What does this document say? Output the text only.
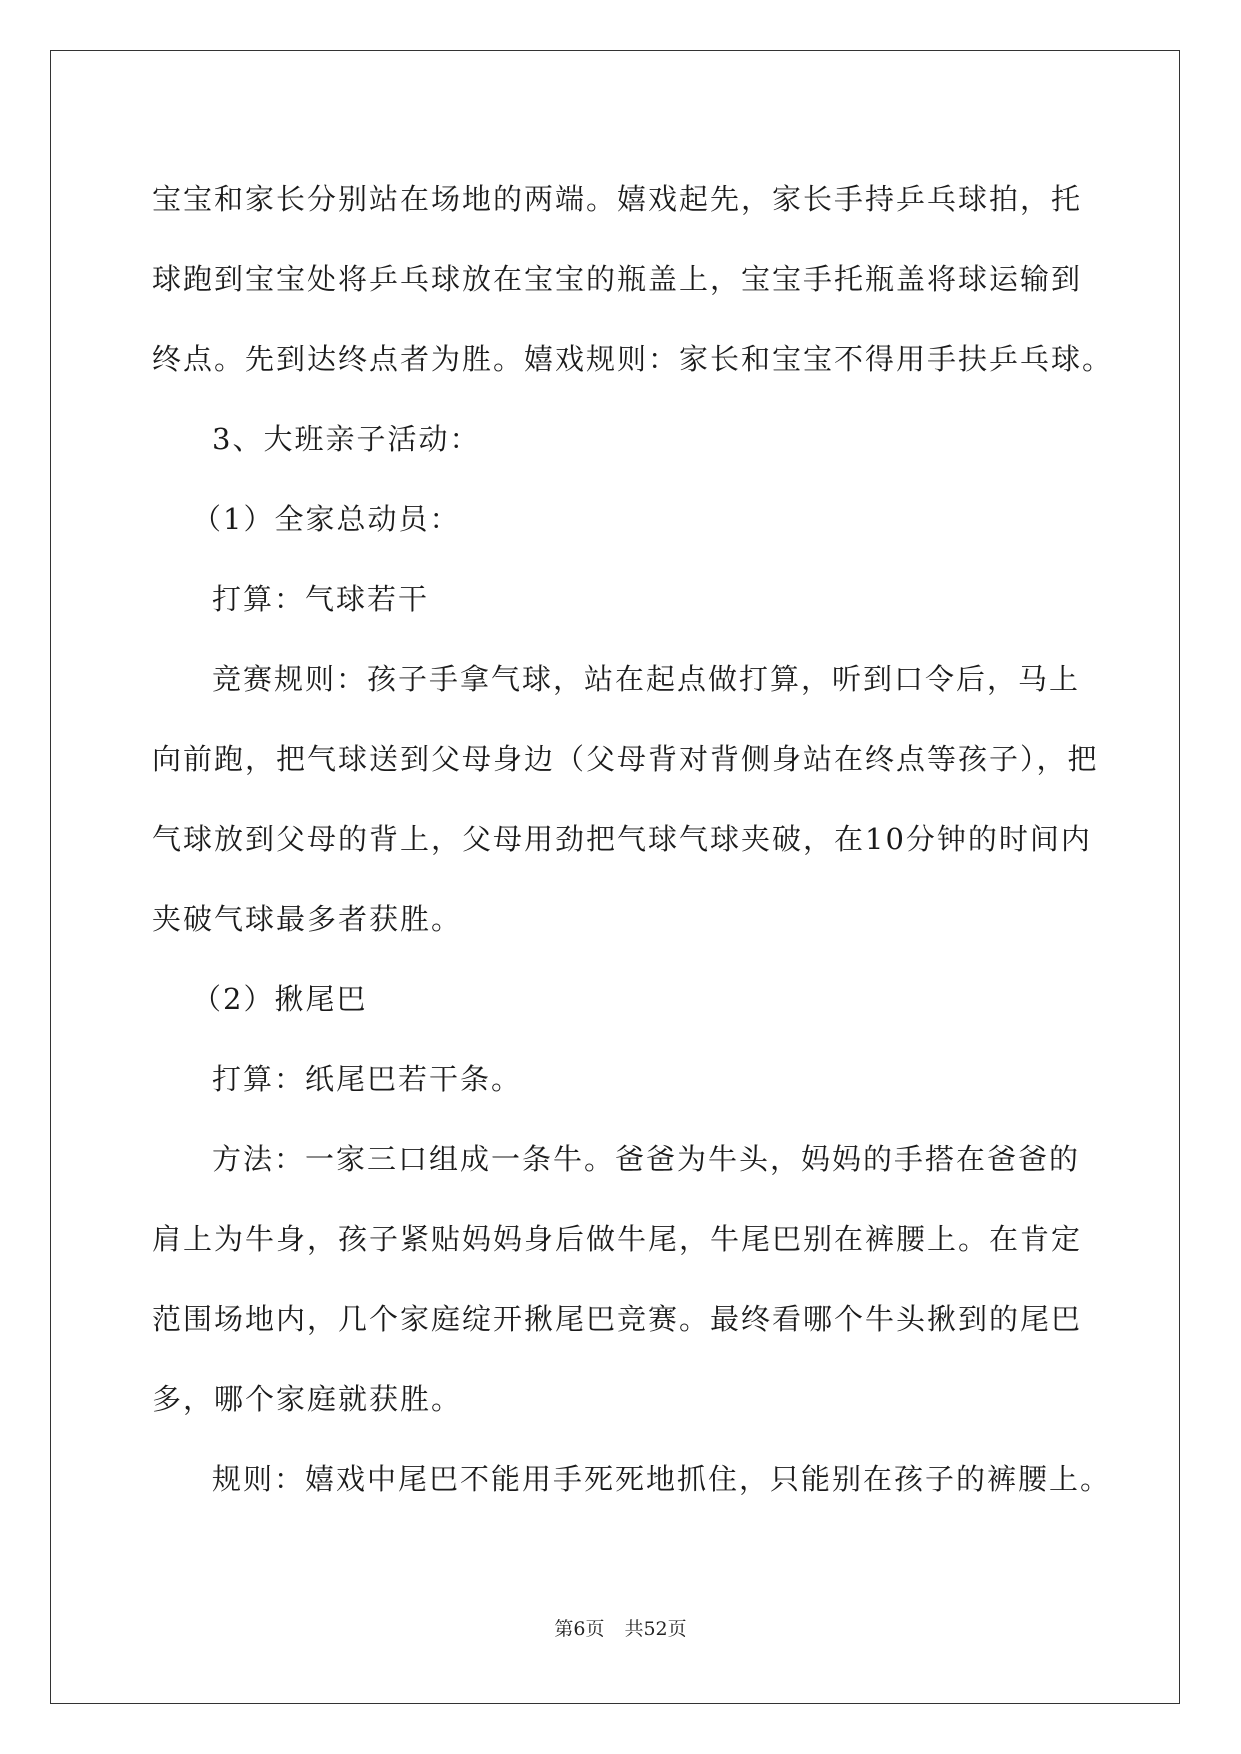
宝宝和家长分别站在场地的两端。嬉戏起先，家长手持乒乓球拍，托

球跑到宝宝处将乒乓球放在宝宝的瓶盖上，宝宝手托瓶盖将球运输到

终点。先到达终点者为胜。嬉戏规则：家长和宝宝不得用手扶乒乓球。

3、大班亲子活动：

（1）全家总动员：

打算：气球若干

竞赛规则：孩子手拿气球，站在起点做打算，听到口令后，马上

向前跑，把气球送到父母身边（父母背对背侧身站在终点等孩子），把

气球放到父母的背上，父母用劲把气球气球夹破，在10分钟的时间内

夹破气球最多者获胜。

（2）揪尾巴

打算：纸尾巴若干条。

方法：一家三口组成一条牛。爸爸为牛头，妈妈的手搭在爸爸的

肩上为牛身，孩子紧贴妈妈身后做牛尾，牛尾巴别在裤腰上。在肯定

范围场地内，几个家庭绽开揪尾巴竞赛。最终看哪个牛头揪到的尾巴

多，哪个家庭就获胜。

规则：嬉戏中尾巴不能用手死死地抓住，只能别在孩子的裤腰上。

第6页 共52页
